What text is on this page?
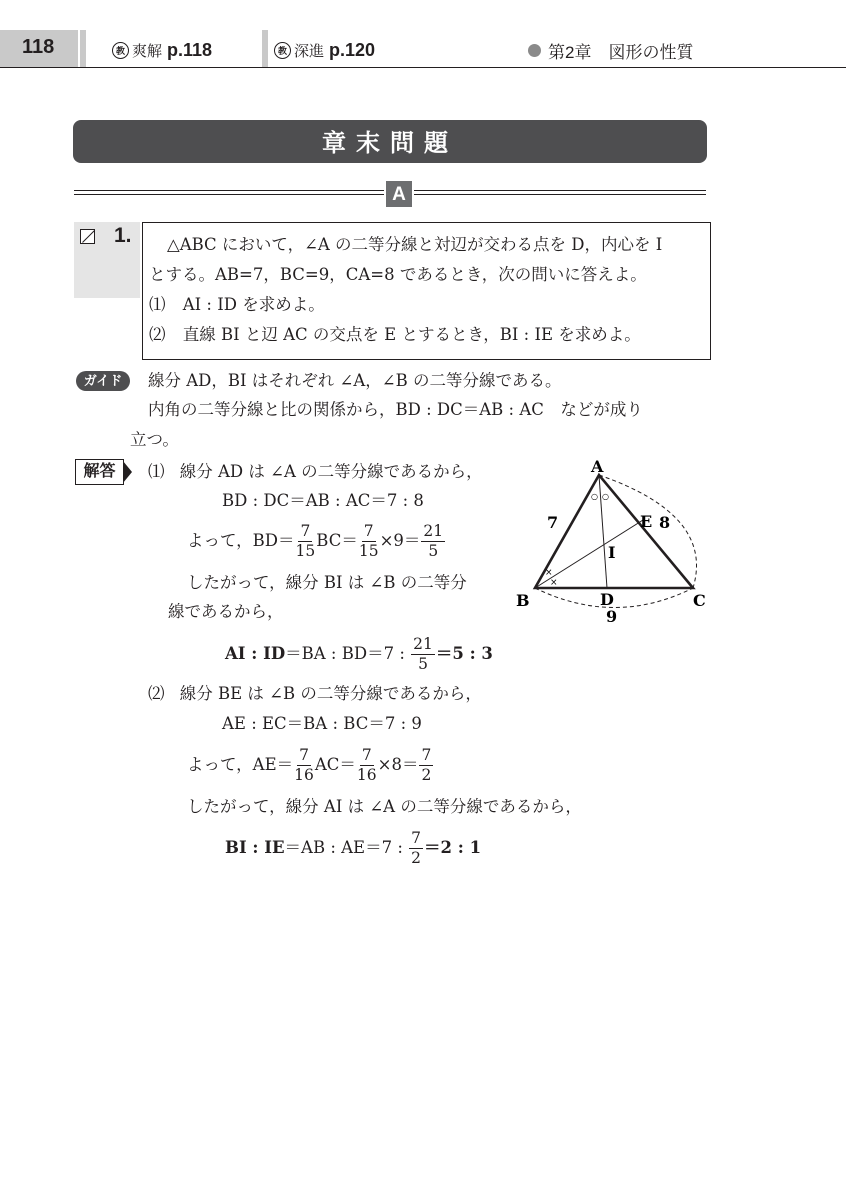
118	教 爽解 p.118	教 深進 p.120	第2章　図形の性質
章末問題
A
1. △ABC において，∠A の二等分線と対辺が交わる点を D，内心を I
とする。AB=7，BC=9，CA=8 であるとき，次の問いに答えよ。
⑴ AI : ID を求めよ。
⑵ 直線 BI と辺 AC の交点を E とするとき，BI : IE を求めよ。
ガイド	線分 AD，BI はそれぞれ ∠A，∠B の二等分線である。
内角の二等分線と比の関係から，BD : DC＝AB : AC　などが成り
立つ。
解答	⑴ 線分 AD は ∠A の二等分線であるから，
BD : DC＝AB : AC＝7 : 8
よって，$BD= \frac{7}{15} BC= \frac{7}{15} \times 9= \frac{21}{5}$
したがって，線分 BI は ∠B の二等分
線であるから，
AI : ID＝BA : BD＝7 : $\frac{21}{5} =5$ : 3
⑵ 線分 BE は ∠B の二等分線であるから，
AE : EC＝BA : BC＝7 : 9
よって，$AE= \frac{7}{16} AC= \frac{7}{16} \times 8= \frac{7}{2}$
したがって，線分 AI は ∠A の二等分線であるから，
BI : IE＝AB : AE＝7 : $\frac{7}{2} =2$ : 1
A
B	C
D
E
I
7	8
9
○ ○
×
×
